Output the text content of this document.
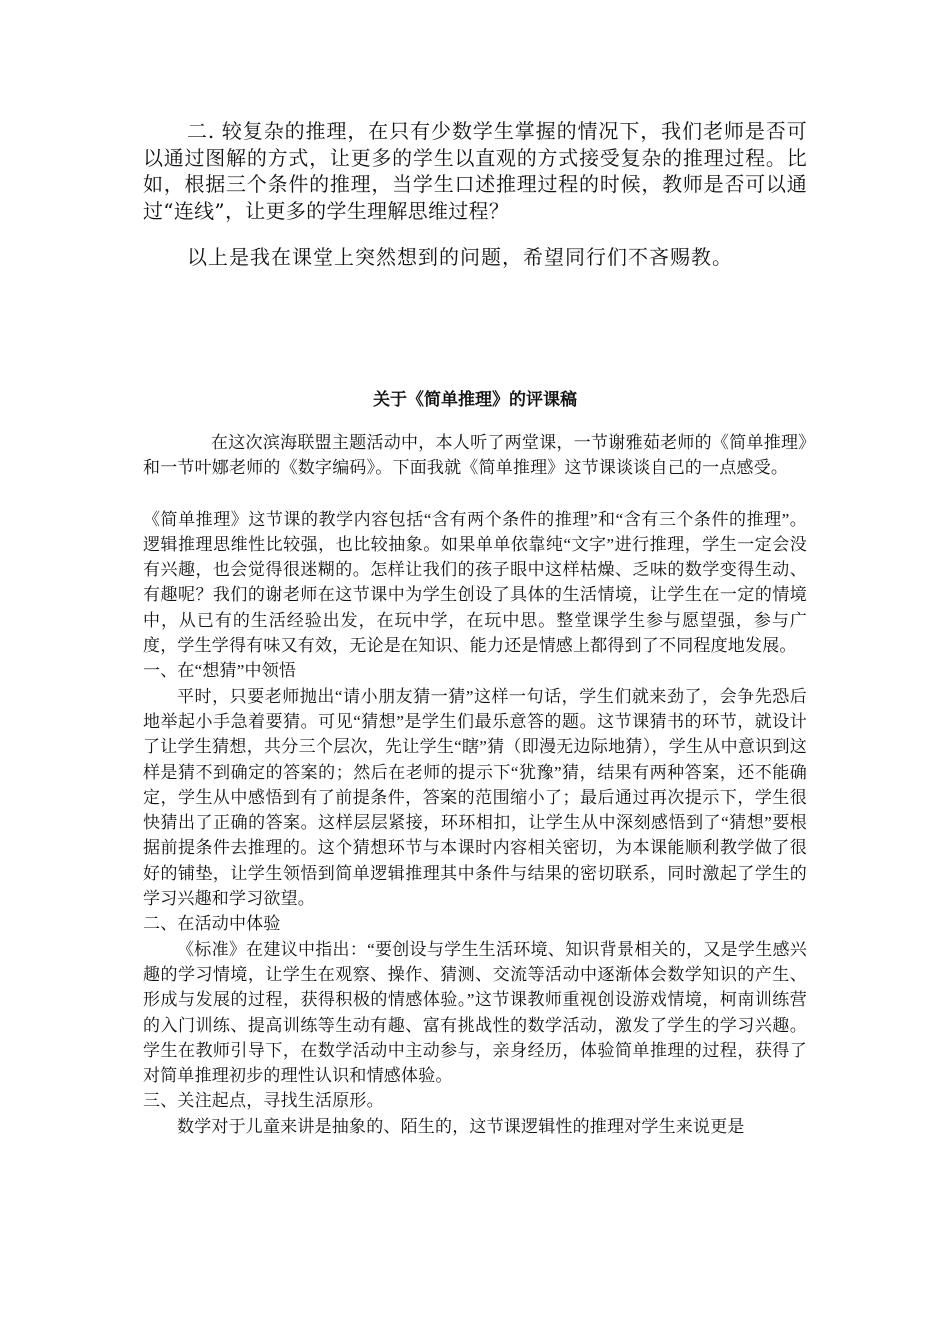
二. 较复杂的推理，在只有少数学生掌握的情况下，我们老师是否可以通过图解的方式，让更多的学生以直观的方式接受复杂的推理过程。比如，根据三个条件的推理，当学生口述推理过程的时候，教师是否可以通过“连线”，让更多的学生理解思维过程？

以上是我在课堂上突然想到的问题，希望同行们不吝赐教。

关于《简单推理》的评课稿

在这次滨海联盟主题活动中，本人听了两堂课，一节谢雅茹老师的《简单推理》和一节叶娜老师的《数字编码》。下面我就《简单推理》这节课谈谈自己的一点感受。

《简单推理》这节课的教学内容包括“含有两个条件的推理”和“含有三个条件的推理”。逻辑推理思维性比较强，也比较抽象。如果单单依靠纯“文字”进行推理，学生一定会没有兴趣，也会觉得很迷糊的。怎样让我们的孩子眼中这样枯燥、乏味的数学变得生动、有趣呢？我们的谢老师在这节课中为学生创设了具体的生活情境，让学生在一定的情境中，从已有的生活经验出发，在玩中学，在玩中思。整堂课学生参与愿望强，参与广度，学生学得有味又有效，无论是在知识、能力还是情感上都得到了不同程度地发展。

一、在“想猜”中领悟

平时，只要老师抛出“请小朋友猜一猜”这样一句话，学生们就来劲了，会争先恐后地举起小手急着要猜。可见“猜想”是学生们最乐意答的题。这节课猜书的环节，就设计了让学生猜想，共分三个层次，先让学生“瞎”猜（即漫无边际地猜），学生从中意识到这样是猜不到确定的答案的；然后在老师的提示下“犹豫”猜，结果有两种答案，还不能确定，学生从中感悟到有了前提条件，答案的范围缩小了；最后通过再次提示下，学生很快猜出了正确的答案。这样层层紧接，环环相扣，让学生从中深刻感悟到了“猜想”要根据前提条件去推理的。这个猜想环节与本课时内容相关密切，为本课能顺利教学做了很好的铺垫，让学生领悟到简单逻辑推理其中条件与结果的密切联系，同时激起了学生的学习兴趣和学习欲望。

二、在活动中体验

《标准》在建议中指出：“要创设与学生生活环境、知识背景相关的，又是学生感兴趣的学习情境，让学生在观察、操作、猜测、交流等活动中逐渐体会数学知识的产生、形成与发展的过程，获得积极的情感体验。”这节课教师重视创设游戏情境，柯南训练营的入门训练、提高训练等生动有趣、富有挑战性的数学活动，激发了学生的学习兴趣。学生在教师引导下，在数学活动中主动参与，亲身经历，体验简单推理的过程，获得了对简单推理初步的理性认识和情感体验。

三、关注起点，寻找生活原形。

数学对于儿童来讲是抽象的、陌生的，这节课逻辑性的推理对学生来说更是
